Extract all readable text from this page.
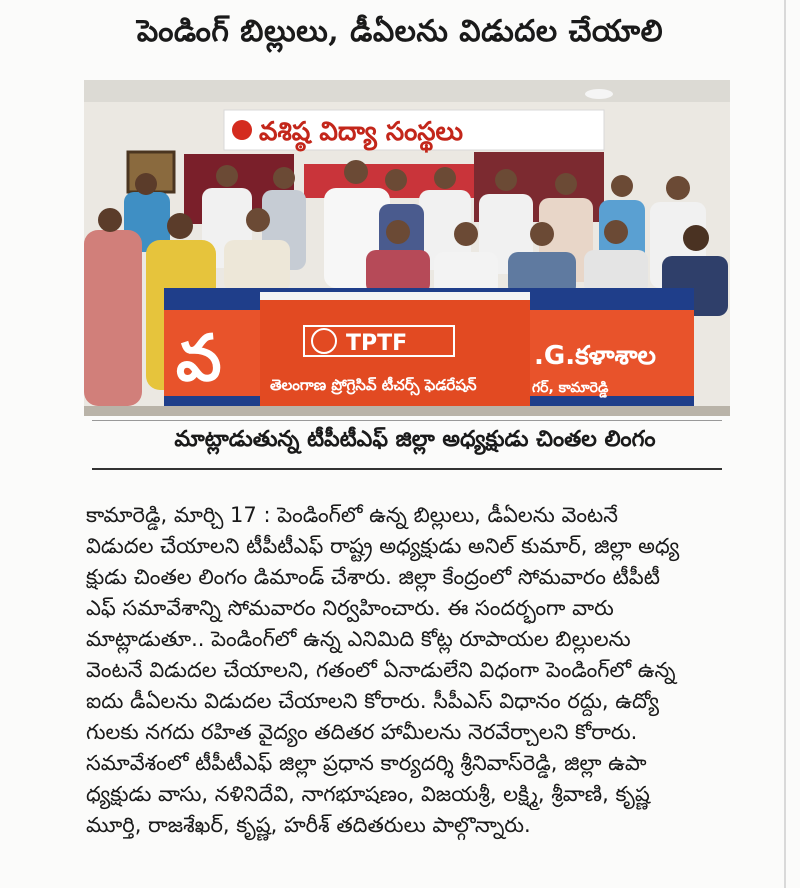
పెండింగ్ బిల్లులు, డీఏలను విడుదల చేయాలి
వశిష్ఠ విద్యా సంస్థలు
వ	.G.కళాశాల
TPTF
తెలంగాణ ప్రోగ్రెసివ్ టీచర్స్ ఫెడరేషన్	గర్, కామారెడ్డి
మాట్లాడుతున్న టీపీటీఎఫ్ జిల్లా అధ్యక్షుడు చింతల లింగం
కామారెడ్డి, మార్చి 17 : పెండింగ్‌లో ఉన్న బిల్లులు, డీఏలను వెంటనే
విడుదల చేయాలని టీపీటీఎఫ్ రాష్ట్ర అధ్యక్షుడు అనిల్ కుమార్, జిల్లా అధ్య
క్షుడు చింతల లింగం డిమాండ్ చేశారు. జిల్లా కేంద్రంలో సోమవారం టీపీటీ
ఎఫ్ సమావేశాన్ని సోమవారం నిర్వహించారు. ఈ సందర్భంగా వారు
మాట్లాడుతూ.. పెండింగ్‌లో ఉన్న ఎనిమిది కోట్ల రూపాయల బిల్లులను
వెంటనే విడుదల చేయాలని, గతంలో ఏనాడులేని విధంగా పెండింగ్‌లో ఉన్న
ఐదు డీఏలను విడుదల చేయాలని కోరారు. సీపీఎస్ విధానం రద్దు, ఉద్యో
గులకు నగదు రహిత వైద్యం తదితర హామీలను నెరవేర్చాలని కోరారు.
సమావేశంలో టీపీటీఎఫ్ జిల్లా ప్రధాన కార్యదర్శి శ్రీనివాస్‌రెడ్డి, జిల్లా ఉపా
ధ్యక్షుడు వాసు, నళినిదేవి, నాగభూషణం, విజయశ్రీ, లక్ష్మి, శ్రీవాణి, కృష్ణ
మూర్తి, రాజశేఖర్, కృష్ణ, హరీశ్ తదితరులు పాల్గొన్నారు.
